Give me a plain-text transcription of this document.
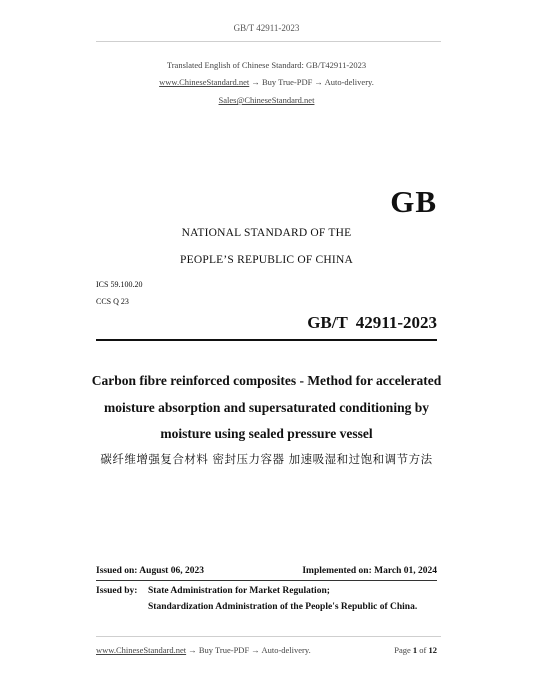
GB/T 42911-2023
Translated English of Chinese Standard: GB/T42911-2023
www.ChineseStandard.net → Buy True-PDF → Auto-delivery.
Sales@ChineseStandard.net
GB
NATIONAL STANDARD OF THE
PEOPLE’S REPUBLIC OF CHINA
ICS 59.100.20
CCS Q 23
GB/T 42911-2023
Carbon fibre reinforced composites - Method for accelerated
moisture absorption and supersaturated conditioning by
moisture using sealed pressure vessel
碳纤维增强复合材料 密封压力容器 加速吸湿和过饱和调节方法
Issued on: August 06, 2023	Implemented on: March 01, 2024
Issued by: State Administration for Market Regulation;
Standardization Administration of the People's Republic of China.
www.ChineseStandard.net → Buy True-PDF → Auto-delivery.	Page 1 of 12
